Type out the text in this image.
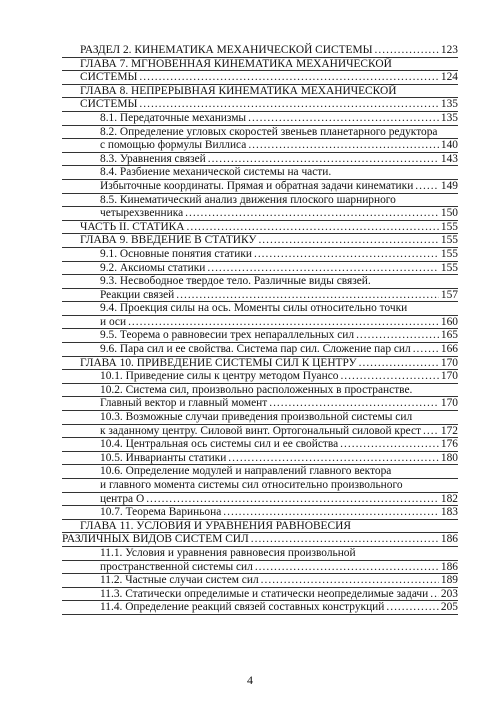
РАЗДЕЛ 2. КИНЕМАТИКА МЕХАНИЧЕСКОЙ СИСТЕМЫ .....	123
ГЛАВА 7. МГНОВЕННАЯ КИНЕМАТИКА МЕХАНИЧЕСКОЙ
СИСТЕМЫ .....	124
ГЛАВА 8. НЕПРЕРЫВНАЯ КИНЕМАТИКА МЕХАНИЧЕСКОЙ
СИСТЕМЫ .....	135
8.1. Передаточные механизмы .....	135
8.2. Определение угловых скоростей звеньев планетарного редуктора
с помощью формулы Виллиса .....	140
8.3. Уравнения связей .....	143
8.4. Разбиение механической системы на части.
Избыточные координаты. Прямая и обратная задачи кинематики ..... 149
8.5. Кинематический анализ движения плоского шарнирного
четырехзвенника .....	150
ЧАСТЬ II. СТАТИКА .....	155
ГЛАВА 9. ВВЕДЕНИЕ В СТАТИКУ .....	155
9.1. Основные понятия статики .....	155
9.2. Аксиомы статики .....	155
9.3. Несвободное твердое тело. Различные виды связей.
Реакции связей .....	157
9.4. Проекция силы на ось. Моменты силы относительно точки
и оси .....	160
9.5. Теорема о равновесии трех непараллельных сил .....	165
9.6. Пара сил и ее свойства. Система пар сил. Сложение пар сил .....	166
ГЛАВА 10. ПРИВЕДЕНИЕ СИСТЕМЫ СИЛ К ЦЕНТРУ .....	170
10.1. Приведение силы к центру методом Пуансо .....	170
10.2. Система сил, произвольно расположенных в пространстве.
Главный вектор и главный момент .....	170
10.3. Возможные случаи приведения произвольной системы сил
к заданному центру. Силовой винт. Ортогональный силовой крест ..... 172
10.4. Центральная ось системы сил и ее свойства .....	176
10.5. Инварианты статики .....	180
10.6. Определение модулей и направлений главного вектора
и главного момента системы сил относительно произвольного
центра O .....	182
10.7. Теорема Вариньона .....	183
ГЛАВА 11. УСЛОВИЯ И УРАВНЕНИЯ РАВНОВЕСИЯ
РАЗЛИЧНЫХ ВИДОВ СИСТЕМ СИЛ .....	186
11.1. Условия и уравнения равновесия произвольной
пространственной системы сил .....	186
11.2. Частные случаи систем сил .....	189
11.3. Статически определимые и статически неопределимые задачи ..... 203
11.4. Определение реакций связей составных конструкций .....	205
4
